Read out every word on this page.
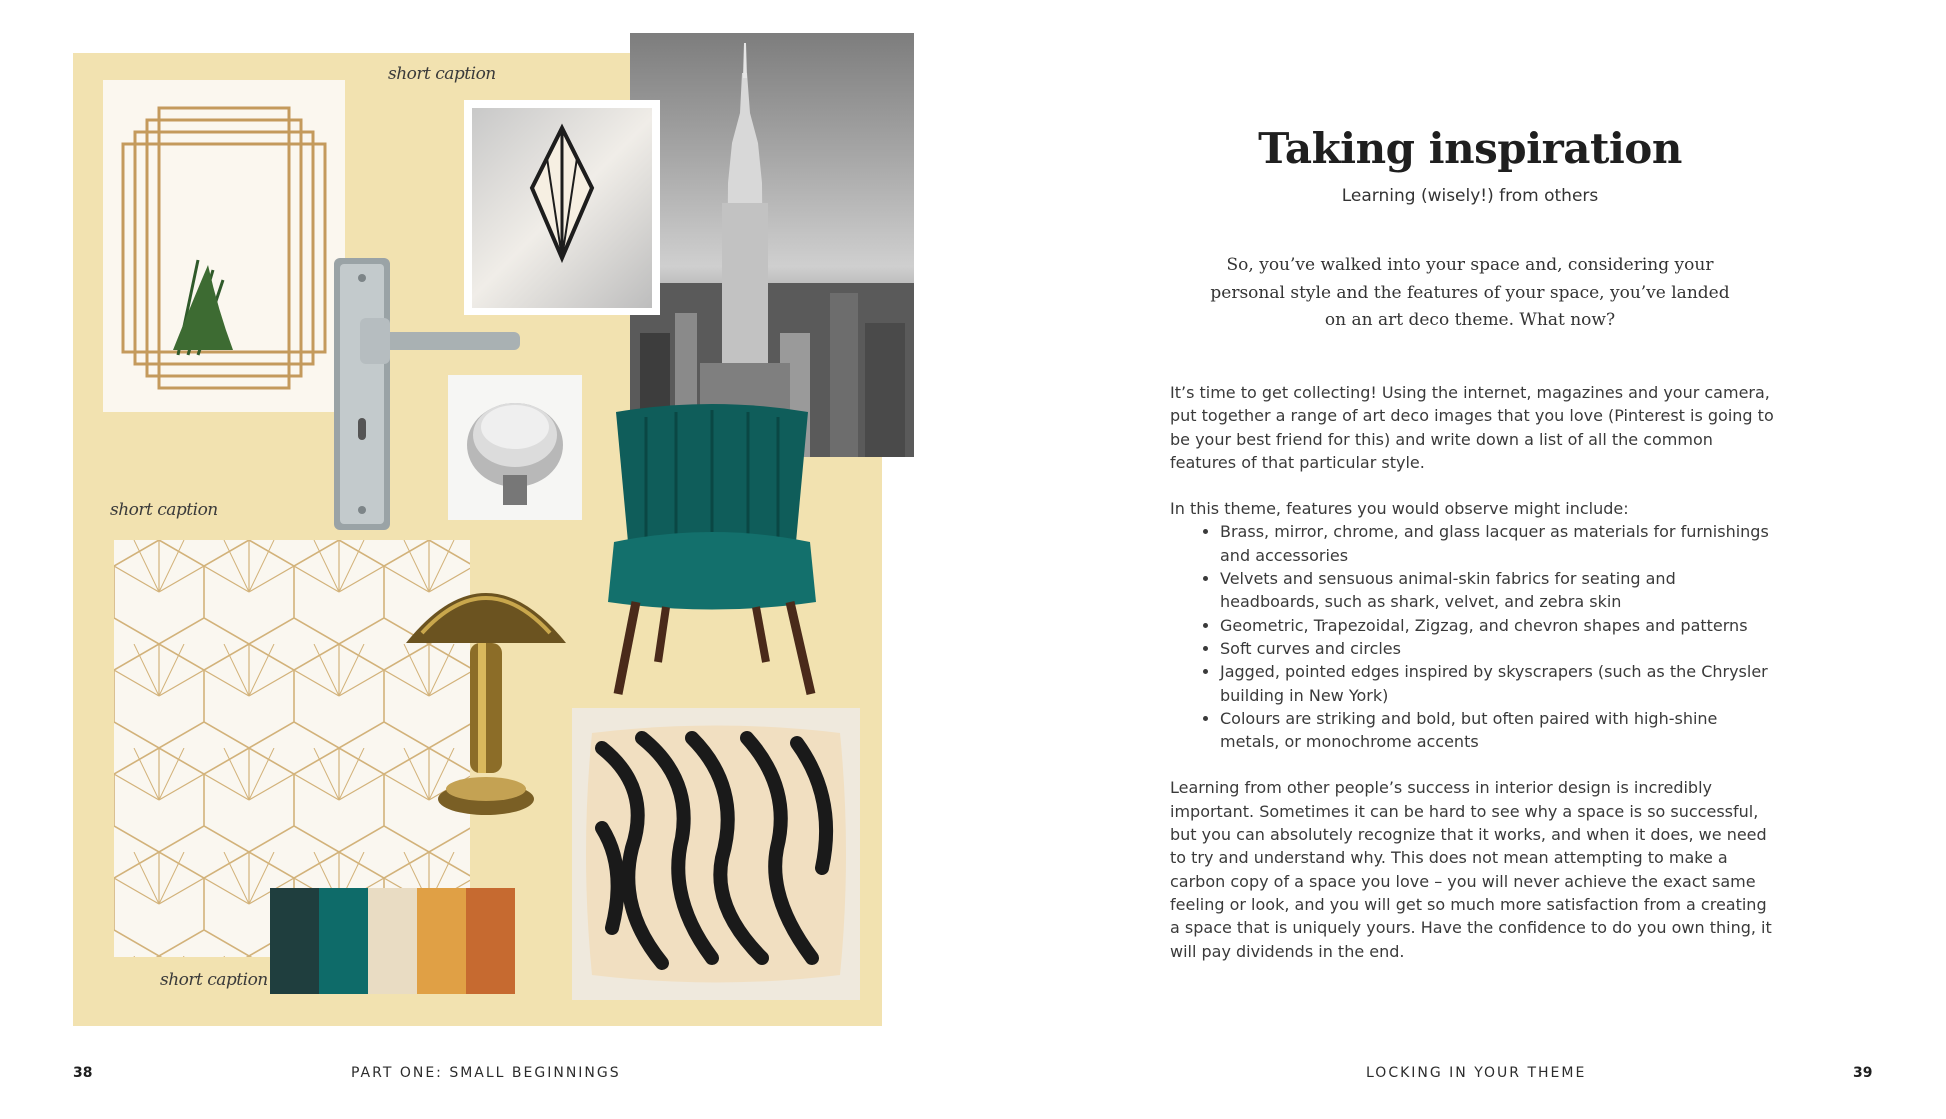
short caption
short caption
short caption
Taking inspiration
Learning (wisely!) from others
So, you’ve walked into your space and, considering your personal style and the features of your space, you’ve landed on an art deco theme. What now?

It’s time to get collecting! Using the internet, magazines and your camera, put together a range of art deco images that you love (Pinterest is going to be your best friend for this) and write down a list of all the common features of that particular style.

In this theme, features you would observe might include:

• Brass, mirror, chrome, and glass lacquer as materials for furnishings and accessories
• Velvets and sensuous animal-skin fabrics for seating and headboards, such as shark, velvet, and zebra skin
• Geometric, Trapezoidal, Zigzag, and chevron shapes and patterns
• Soft curves and circles
• Jagged, pointed edges inspired by skyscrapers (such as the Chrysler building in New York)
• Colours are striking and bold, but often paired with high-shine metals, or monochrome accents

Learning from other people’s success in interior design is incredibly important. Sometimes it can be hard to see why a space is so successful, but you can absolutely recognize that it works, and when it does, we need to try and understand why. This does not mean attempting to make a carbon copy of a space you love – you will never achieve the exact same feeling or look, and you will get so much more satisfaction from a creating a space that is uniquely yours. Have the confidence to do you own thing, it will pay dividends in the end.

38	PART ONE: SMALL BEGINNINGS	LOCKING IN YOUR THEME	39
